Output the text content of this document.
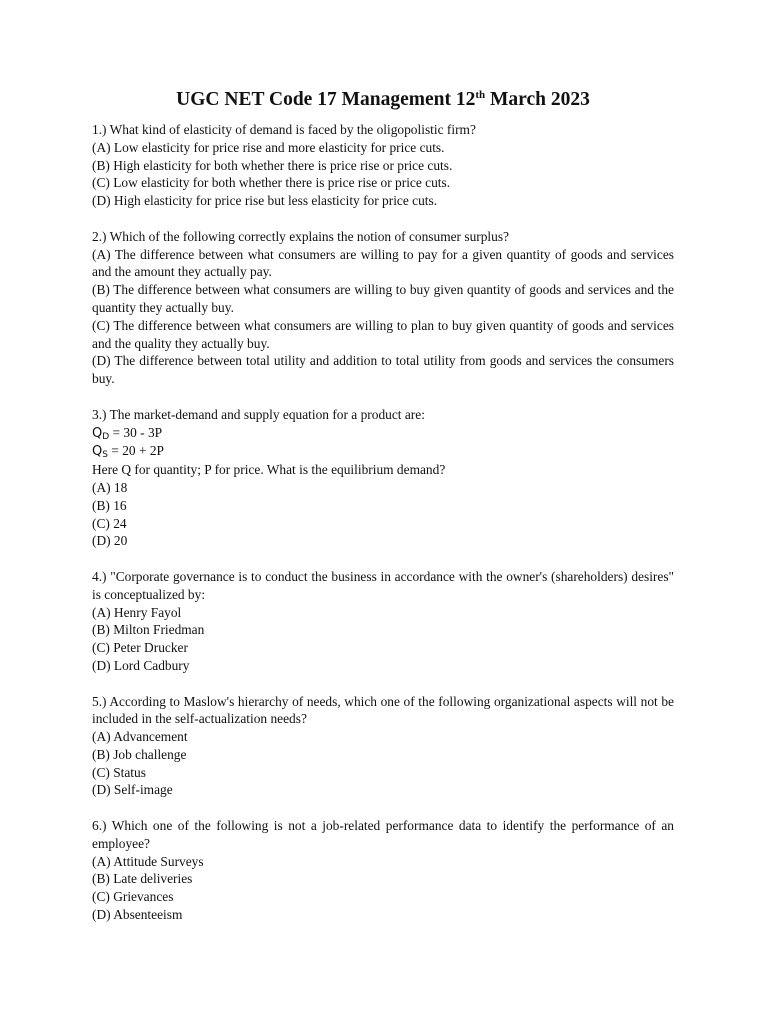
UGC NET Code 17 Management 12th March 2023
1.) What kind of elasticity of demand is faced by the oligopolistic firm?
(A) Low elasticity for price rise and more elasticity for price cuts.
(B) High elasticity for both whether there is price rise or price cuts.
(C) Low elasticity for both whether there is price rise or price cuts.
(D) High elasticity for price rise but less elasticity for price cuts.
2.) Which of the following correctly explains the notion of consumer surplus?
(A) The difference between what consumers are willing to pay for a given quantity of goods and services and the amount they actually pay.
(B) The difference between what consumers are willing to buy given quantity of goods and services and the quantity they actually buy.
(C) The difference between what consumers are willing to plan to buy given quantity of goods and services and the quality they actually buy.
(D) The difference between total utility and addition to total utility from goods and services the consumers buy.
3.) The market-demand and supply equation for a product are:
$Q_D = 30 - 3P$
$Q_S = 20 + 2P$
Here Q for quantity; P for price. What is the equilibrium demand?
(A) 18
(B) 16
(C) 24
(D) 20
4.) "Corporate governance is to conduct the business in accordance with the owner's (shareholders) desires" is conceptualized by:
(A) Henry Fayol
(B) Milton Friedman
(C) Peter Drucker
(D) Lord Cadbury
5.) According to Maslow's hierarchy of needs, which one of the following organizational aspects will not be included in the self-actualization needs?
(A) Advancement
(B) Job challenge
(C) Status
(D) Self-image
6.) Which one of the following is not a job-related performance data to identify the performance of an employee?
(A) Attitude Surveys
(B) Late deliveries
(C) Grievances
(D) Absenteeism
